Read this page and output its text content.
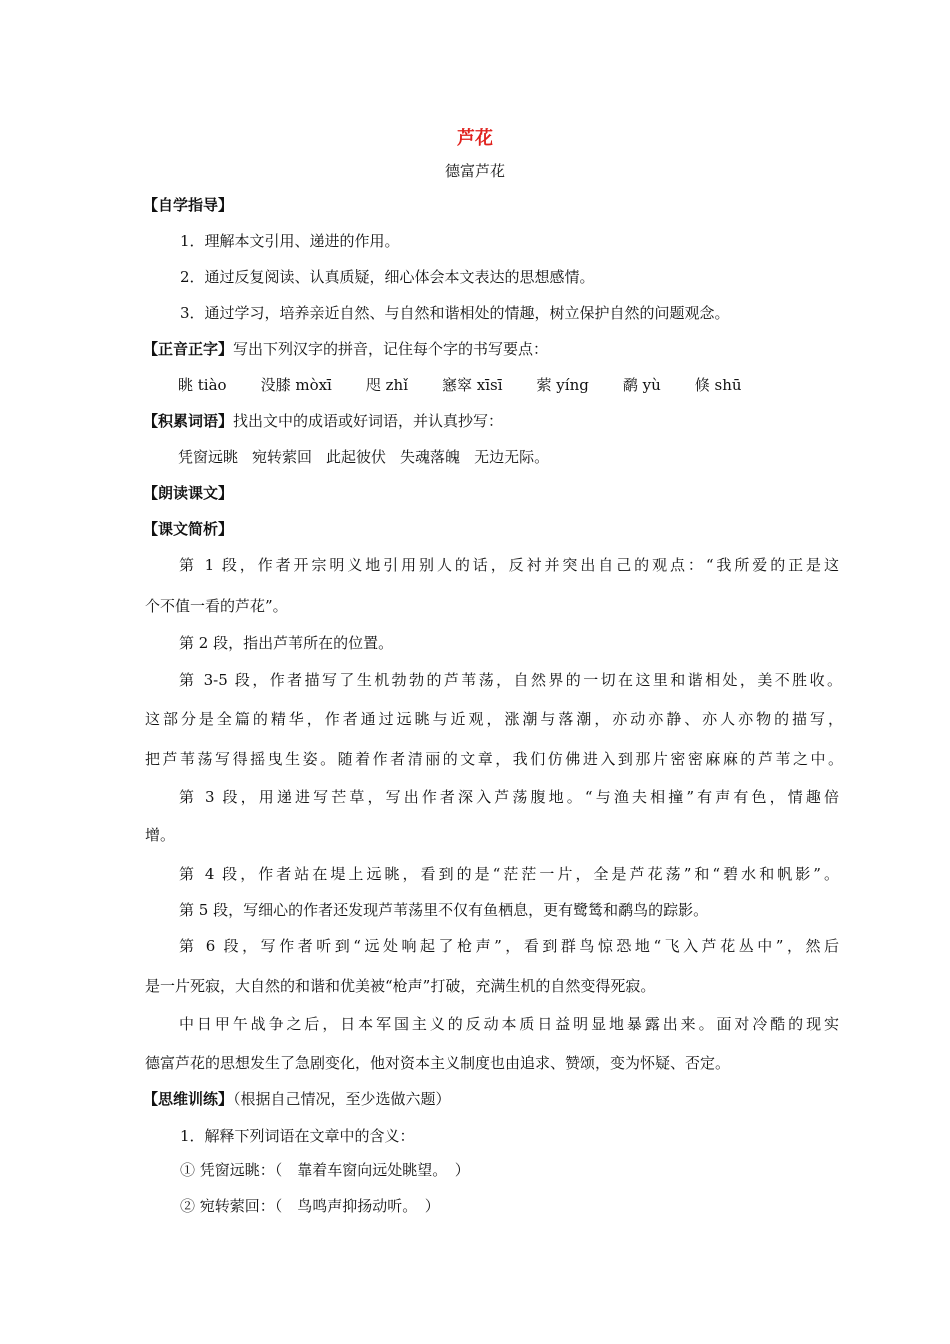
芦花
德富芦花
【自学指导】
1．理解本文引用、递进的作用。
2．通过反复阅读、认真质疑，细心体会本文表达的思想感情。
3．通过学习，培养亲近自然、与自然和谐相处的情趣，树立保护自然的问题观念。
【正音正字】写出下列汉字的拼音，记住每个字的书写要点：
眺 tiào 没膝 mòxī 咫 zhǐ 窸窣 xīsī 萦 yíng 鹬 yù 倏 shū
【积累词语】找出文中的成语或好词语，并认真抄写：
凭窗远眺 宛转萦回 此起彼伏 失魂落魄 无边无际。
【朗读课文】
【课文简析】
第 1 段，作者开宗明义地引用别人的话，反衬并突出自己的观点：“我所爱的正是这
个不值一看的芦花”。
第 2 段，指出芦苇所在的位置。
第 3-5 段，作者描写了生机勃勃的芦苇荡，自然界的一切在这里和谐相处，美不胜收。
这部分是全篇的精华，作者通过远眺与近观，涨潮与落潮，亦动亦静、亦人亦物的描写，
把芦苇荡写得摇曳生姿。随着作者清丽的文章，我们仿佛进入到那片密密麻麻的芦苇之中。
第 3 段，用递进写芒草，写出作者深入芦荡腹地。“与渔夫相撞”有声有色，情趣倍
增。
第 4 段，作者站在堤上远眺，看到的是“茫茫一片，全是芦花荡”和“碧水和帆影”。
第 5 段，写细心的作者还发现芦苇荡里不仅有鱼栖息，更有鹭鸶和鹬鸟的踪影。
第 6 段，写作者听到“远处响起了枪声”，看到群鸟惊恐地“飞入芦花丛中”，然后
是一片死寂，大自然的和谐和优美被“枪声”打破，充满生机的自然变得死寂。
中日甲午战争之后，日本军国主义的反动本质日益明显地暴露出来。面对冷酷的现实
德富芦花的思想发生了急剧变化，他对资本主义制度也由追求、赞颂，变为怀疑、否定。
【思维训练】（根据自己情况，至少选做六题）
1．解释下列词语在文章中的含义：
① 凭窗远眺：（　靠着车窗向远处眺望。　）
② 宛转萦回：（　鸟鸣声抑扬动听。　）
